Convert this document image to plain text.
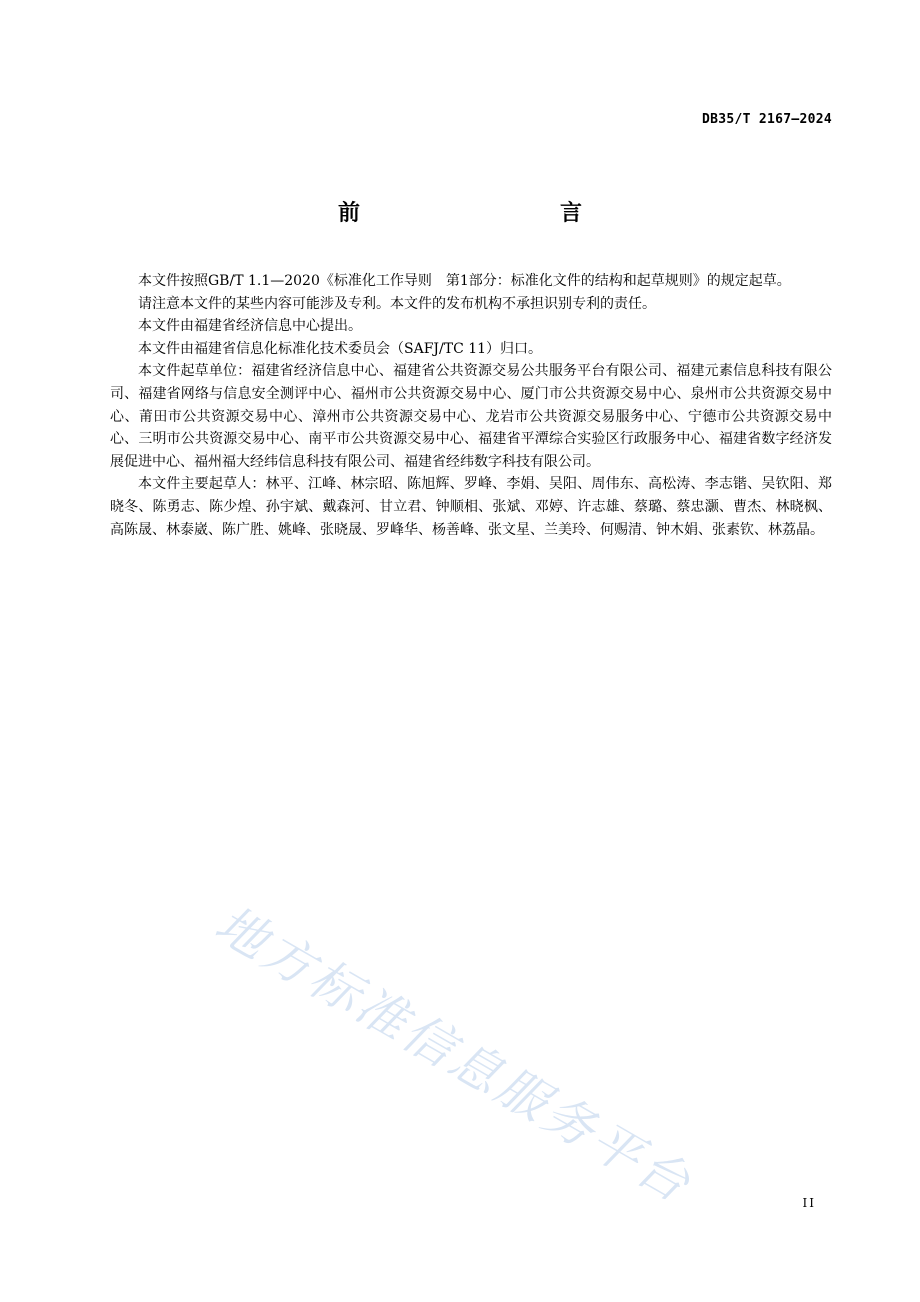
DB35/T 2167—2024
前　　言

本文件按照GB/T 1.1—2020《标准化工作导则　第1部分：标准化文件的结构和起草规则》的规定起草。

请注意本文件的某些内容可能涉及专利。本文件的发布机构不承担识别专利的责任。

本文件由福建省经济信息中心提出。

本文件由福建省信息化标准化技术委员会（SAFJ/TC 11）归口。

本文件起草单位：福建省经济信息中心、福建省公共资源交易公共服务平台有限公司、福建元素信息科技有限公司、福建省网络与信息安全测评中心、福州市公共资源交易中心、厦门市公共资源交易中心、泉州市公共资源交易中心、莆田市公共资源交易中心、漳州市公共资源交易中心、龙岩市公共资源交易服务中心、宁德市公共资源交易中心、三明市公共资源交易中心、南平市公共资源交易中心、福建省平潭综合实验区行政服务中心、福建省数字经济发展促进中心、福州福大经纬信息科技有限公司、福建省经纬数字科技有限公司。

本文件主要起草人：林平、江峰、林宗昭、陈旭辉、罗峰、李娟、吴阳、周伟东、高松涛、李志锴、吴钦阳、郑晓冬、陈勇志、陈少煌、孙宇斌、戴森河、甘立君、钟顺相、张斌、邓婷、许志雄、蔡璐、蔡忠灏、曹杰、林晓枫、高陈晟、林泰崴、陈广胜、姚峰、张晓晟、罗峰华、杨善峰、张文星、兰美玲、何赐清、钟木娟、张素钦、林荔晶。

地方标准信息服务平台	II
